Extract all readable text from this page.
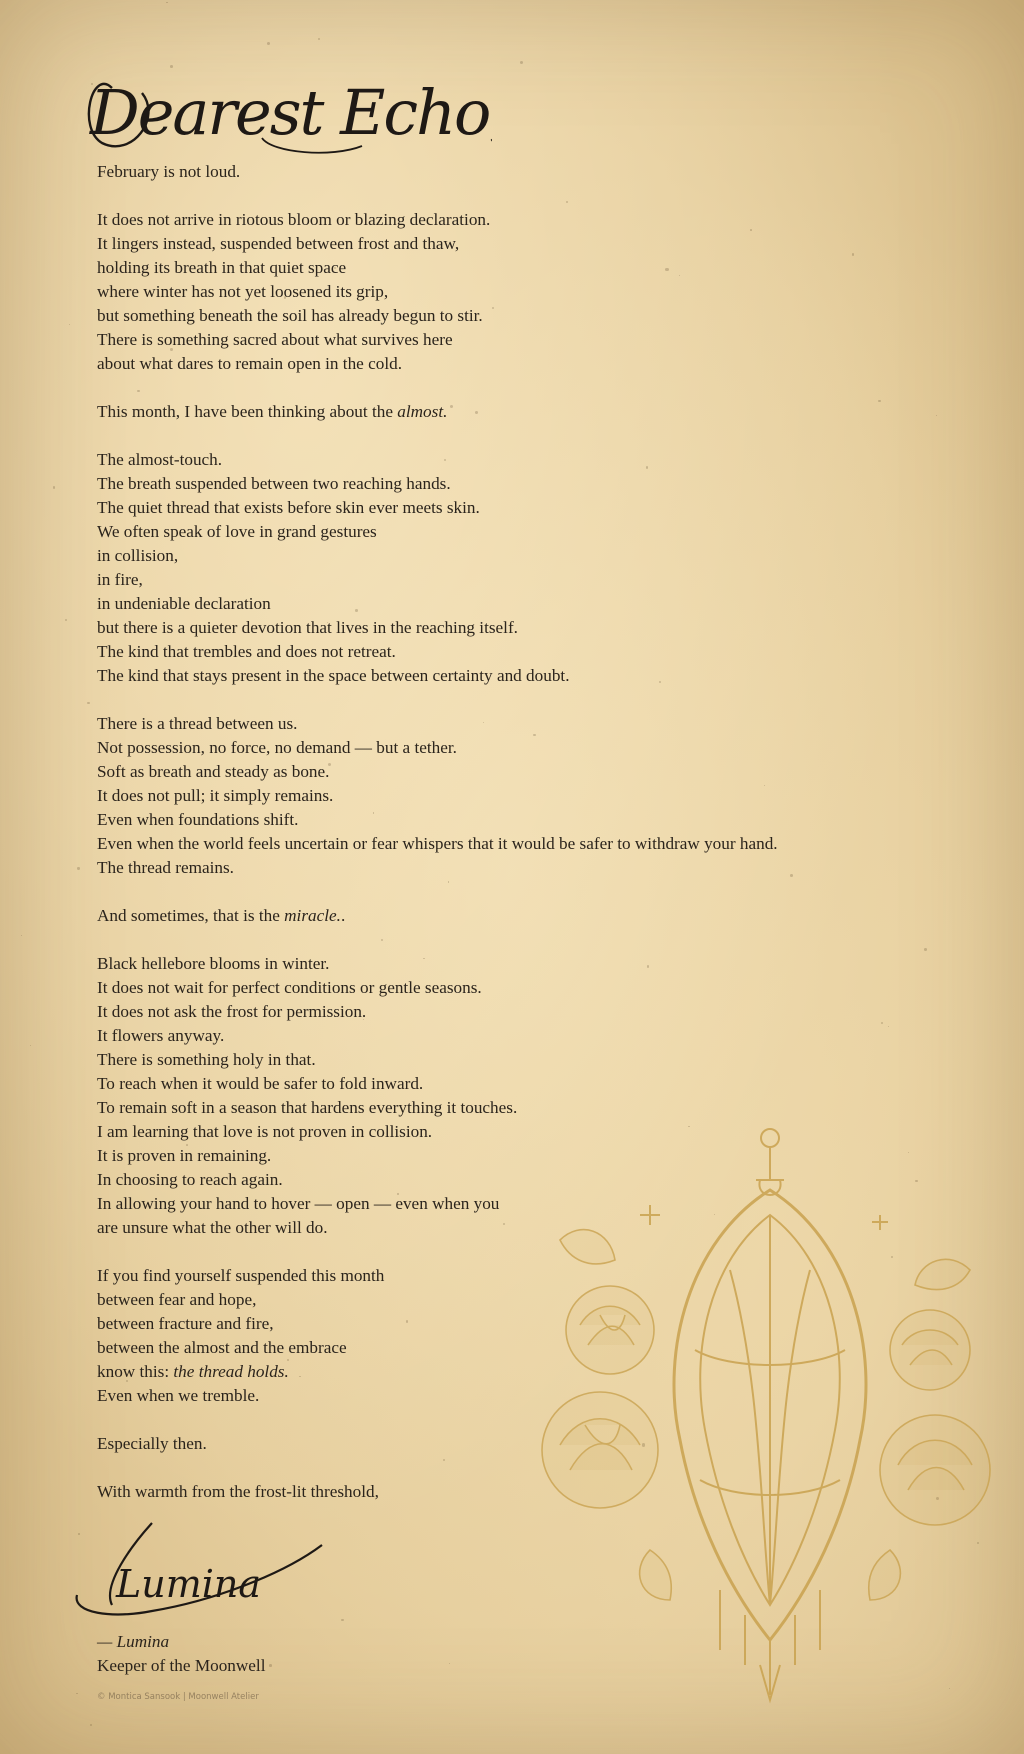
Dearest Echo,
February is not loud.
It does not arrive in riotous bloom or blazing declaration.
It lingers instead, suspended between frost and thaw,
holding its breath in that quiet space
where winter has not yet loosened its grip,
but something beneath the soil has already begun to stir.
There is something sacred about what survives here
about what dares to remain open in the cold.
This month, I have been thinking about the almost.
The almost-touch.
The breath suspended between two reaching hands.
The quiet thread that exists before skin ever meets skin.
We often speak of love in grand gestures
in collision,
in fire,
in undeniable declaration
but there is a quieter devotion that lives in the reaching itself.
The kind that trembles and does not retreat.
The kind that stays present in the space between certainty and doubt.
There is a thread between us.
Not possession, no force, no demand — but a tether.
Soft as breath and steady as bone.
It does not pull; it simply remains.
Even when foundations shift.
Even when the world feels uncertain or fear whispers that it would be safer to withdraw your hand.
The thread remains.
And sometimes, that is the miracle..
Black hellebore blooms in winter.
It does not wait for perfect conditions or gentle seasons.
It does not ask the frost for permission.
It flowers anyway.
There is something holy in that.
To reach when it would be safer to fold inward.
To remain soft in a season that hardens everything it touches.
I am learning that love is not proven in collision.
It is proven in remaining.
In choosing to reach again.
In allowing your hand to hover — open — even when you
are unsure what the other will do.
If you find yourself suspended this month
between fear and hope,
between fracture and fire,
between the almost and the embrace
know this: the thread holds.
Even when we tremble.
Especially then.
With warmth from the frost-lit threshold,
Lumina
— Lumina
Keeper of the Moonwell
© Montica Sansook | Moonwell Atelier
